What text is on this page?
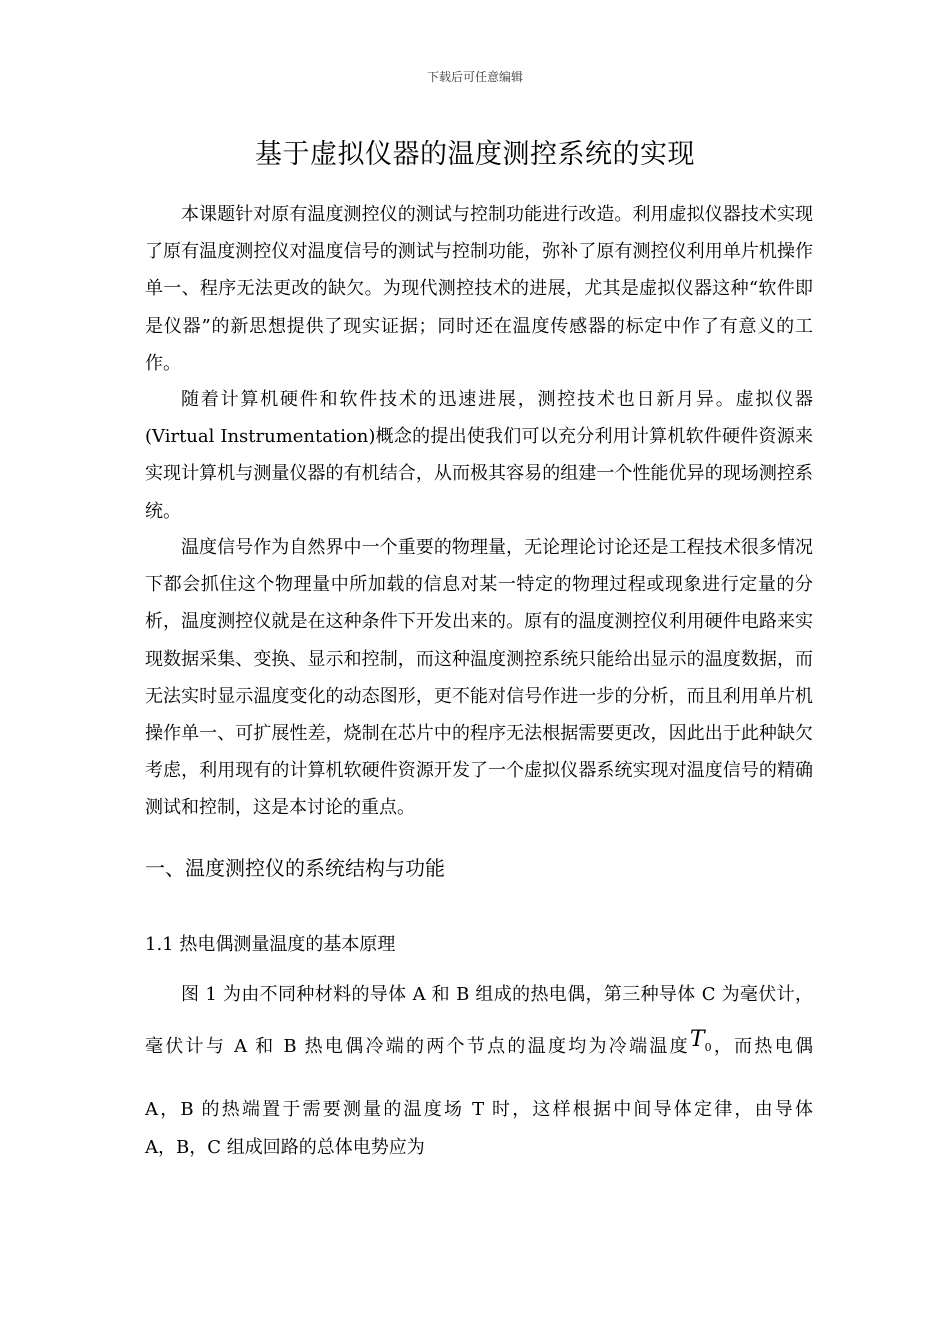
下载后可任意编辑
基于虚拟仪器的温度测控系统的实现

本课题针对原有温度测控仪的测试与控制功能进行改造。利用虚拟仪器技术实现了原有温度测控仪对温度信号的测试与控制功能，弥补了原有测控仪利用单片机操作单一、程序无法更改的缺欠。为现代测控技术的进展，尤其是虚拟仪器这种“软件即是仪器”的新思想提供了现实证据；同时还在温度传感器的标定中作了有意义的工作。

随着计算机硬件和软件技术的迅速进展，测控技术也日新月异。虚拟仪器(Virtual Instrumentation)概念的提出使我们可以充分利用计算机软件硬件资源来实现计算机与测量仪器的有机结合，从而极其容易的组建一个性能优异的现场测控系统。

温度信号作为自然界中一个重要的物理量，无论理论讨论还是工程技术很多情况下都会抓住这个物理量中所加载的信息对某一特定的物理过程或现象进行定量的分析，温度测控仪就是在这种条件下开发出来的。原有的温度测控仪利用硬件电路来实现数据采集、变换、显示和控制，而这种温度测控系统只能给出显示的温度数据，而无法实时显示温度变化的动态图形，更不能对信号作进一步的分析，而且利用单片机操作单一、可扩展性差，烧制在芯片中的程序无法根据需要更改，因此出于此种缺欠考虑，利用现有的计算机软硬件资源开发了一个虚拟仪器系统实现对温度信号的精确测试和控制，这是本讨论的重点。

一、温度测控仪的系统结构与功能
1.1 热电偶测量温度的基本原理
图 1 为由不同种材料的导体 A 和 B 组成的热电偶，第三种导体 C 为毫伏计，
毫伏计与 A 和 B 热电偶冷端的两个节点的温度均为冷端温度T0，而热电偶
A，B 的热端置于需要测量的温度场 T 时，这样根据中间导体定律，由导体
A，B，C 组成回路的总体电势应为
